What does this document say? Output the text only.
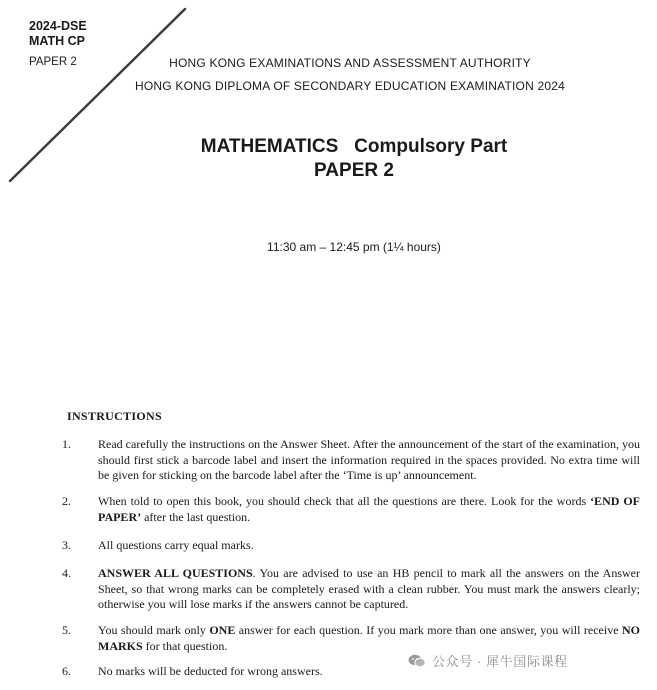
2024-DSE
MATH CP
PAPER 2	HONG KONG EXAMINATIONS AND ASSESSMENT AUTHORITY
HONG KONG DIPLOMA OF SECONDARY EDUCATION EXAMINATION 2024
MATHEMATICS   Compulsory Part
PAPER 2
11:30 am – 12:45 pm (1¼ hours)
INSTRUCTIONS
1.	Read carefully the instructions on the Answer Sheet. After the announcement of the start of the examination, you should first stick a barcode label and insert the information required in the spaces provided. No extra time will be given for sticking on the barcode label after the ‘Time is up’ announcement.
2.	When told to open this book, you should check that all the questions are there. Look for the words ‘END OF PAPER’ after the last question.
3.	All questions carry equal marks.
4.	ANSWER ALL QUESTIONS. You are advised to use an HB pencil to mark all the answers on the Answer Sheet, so that wrong marks can be completely erased with a clean rubber. You must mark the answers clearly; otherwise you will lose marks if the answers cannot be captured.
5.	You should mark only ONE answer for each question. If you mark more than one answer, you will receive NO MARKS for that question.
6.	No marks will be deducted for wrong answers.
公众号 · 犀牛国际课程
